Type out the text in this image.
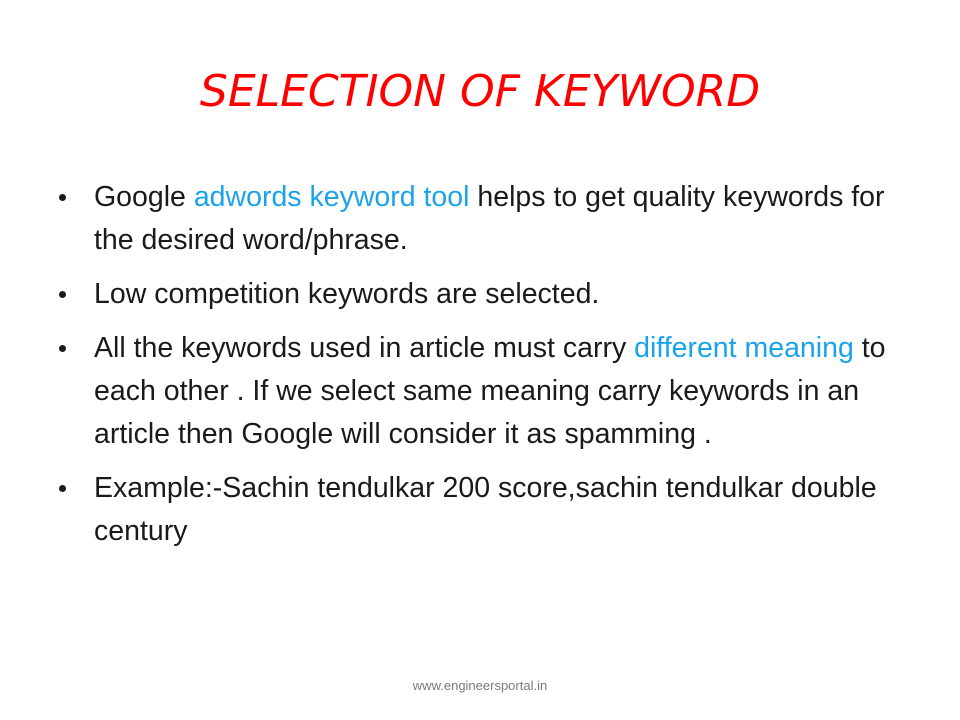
SELECTION OF KEYWORD
Google adwords keyword tool helps to get quality keywords for the desired word/phrase.
Low competition keywords are selected.
All the keywords used in article must carry different meaning to each other . If we select same meaning carry keywords in an article then Google will consider it as spamming .
Example:-Sachin tendulkar 200 score,sachin tendulkar double century
www.engineersportal.in
